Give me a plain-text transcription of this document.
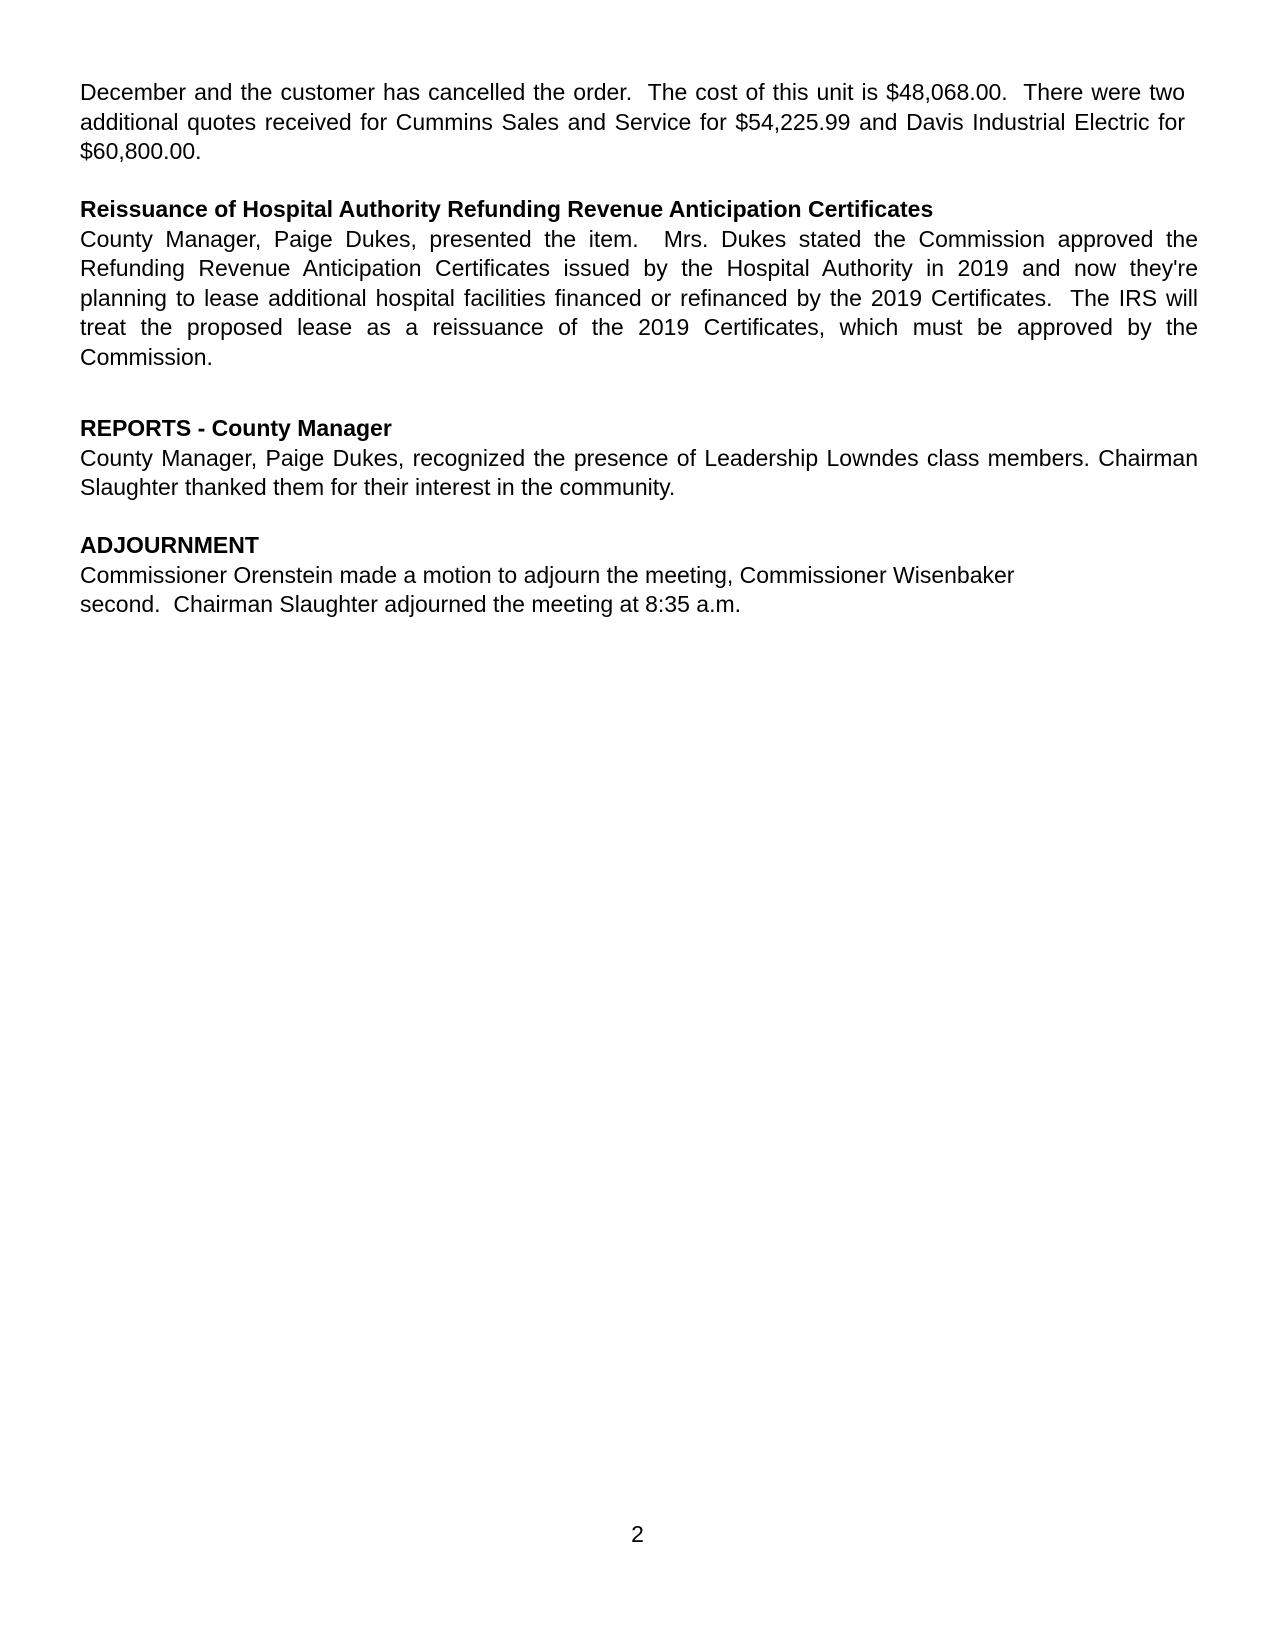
December and the customer has cancelled the order.  The cost of this unit is $48,068.00.  There were two additional quotes received for Cummins Sales and Service for $54,225.99 and Davis Industrial Electric for $60,800.00.

Reissuance of Hospital Authority Refunding Revenue Anticipation Certificates

County Manager, Paige Dukes, presented the item.  Mrs. Dukes stated the Commission approved the Refunding Revenue Anticipation Certificates issued by the Hospital Authority in 2019 and now they're planning to lease additional hospital facilities financed or refinanced by the 2019 Certificates.  The IRS will treat the proposed lease as a reissuance of the 2019 Certificates, which must be approved by the Commission.

REPORTS - County Manager

County Manager, Paige Dukes, recognized the presence of Leadership Lowndes class members. Chairman Slaughter thanked them for their interest in the community.

ADJOURNMENT

Commissioner Orenstein made a motion to adjourn the meeting, Commissioner Wisenbaker

second.  Chairman Slaughter adjourned the meeting at 8:35 a.m.

2
